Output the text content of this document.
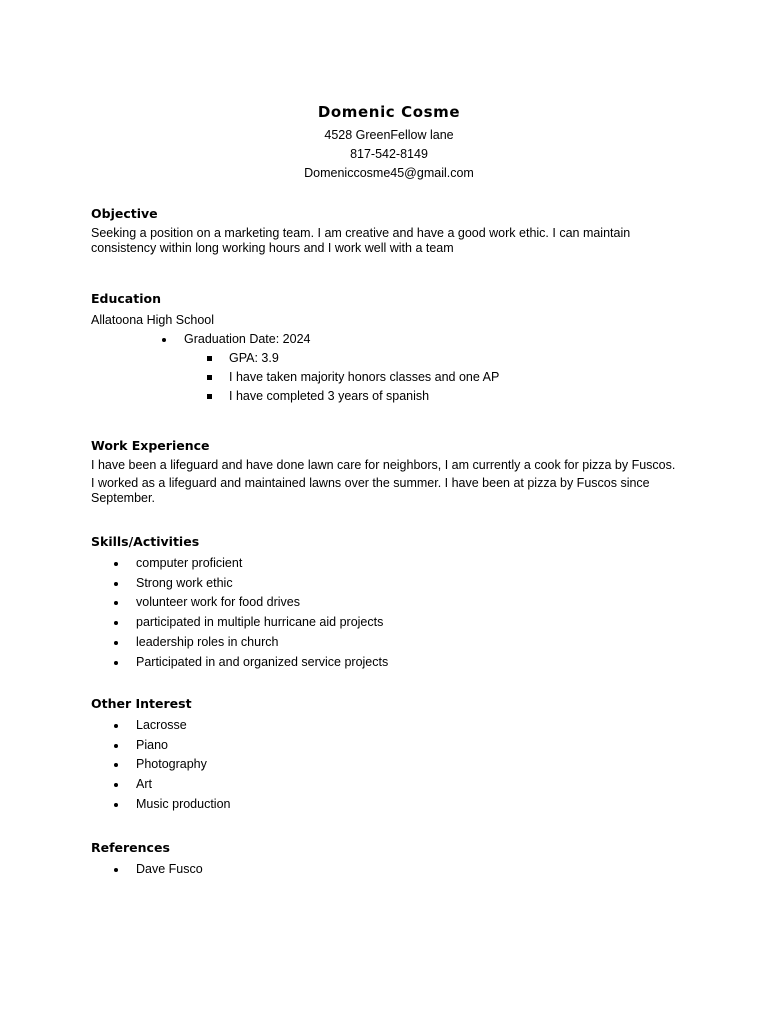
Domenic Cosme
4528 GreenFellow lane
817-542-8149
Domeniccosme45@gmail.com
Objective

Seeking a position on a marketing team. I am creative and have a good work ethic. I can maintain consistency within long working hours and I work well with a team

Education
Allatoona High School
Graduation Date: 2024
GPA: 3.9
I have taken majority honors classes and one AP
I have completed 3 years of spanish
Work Experience

I have been a lifeguard and have done lawn care for neighbors, I am currently a cook for pizza by Fuscos.

I worked as a lifeguard and maintained lawns over the summer. I have been at pizza by Fuscos since September.

Skills/Activities
computer proficient
Strong work ethic
volunteer work for food drives
participated in multiple hurricane aid projects
leadership roles in church
Participated in and organized service projects
Other Interest
Lacrosse
Piano
Photography
Art
Music production
References
Dave Fusco
